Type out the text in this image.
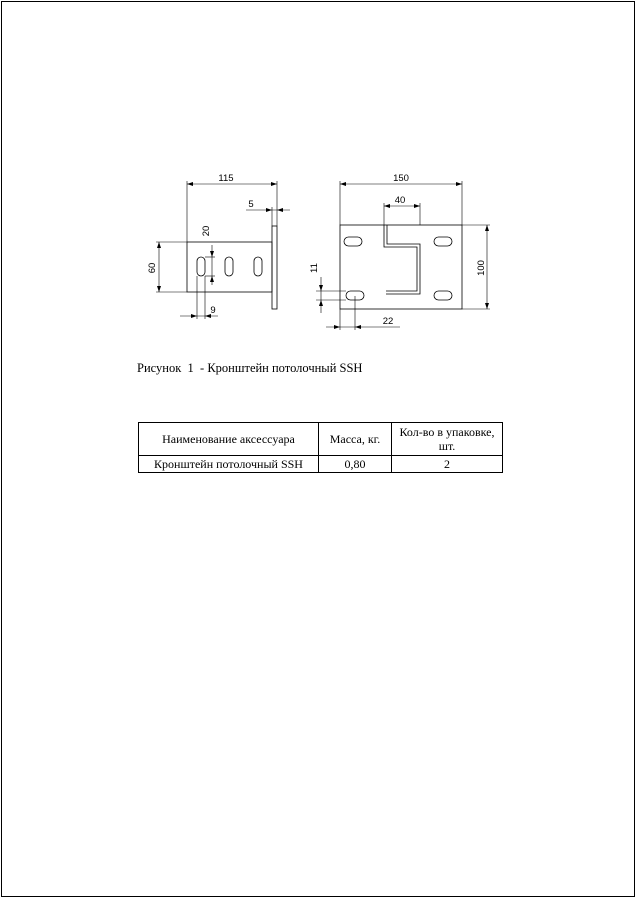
115
5
20
60
9
150
40
11	100
22
Рисунок  1  - Кронштейн потолочный SSH
Наименование аксессуара	Масса, кг.	Кол-во в упаковке, шт.
Кронштейн потолочный SSH	0,80	2
